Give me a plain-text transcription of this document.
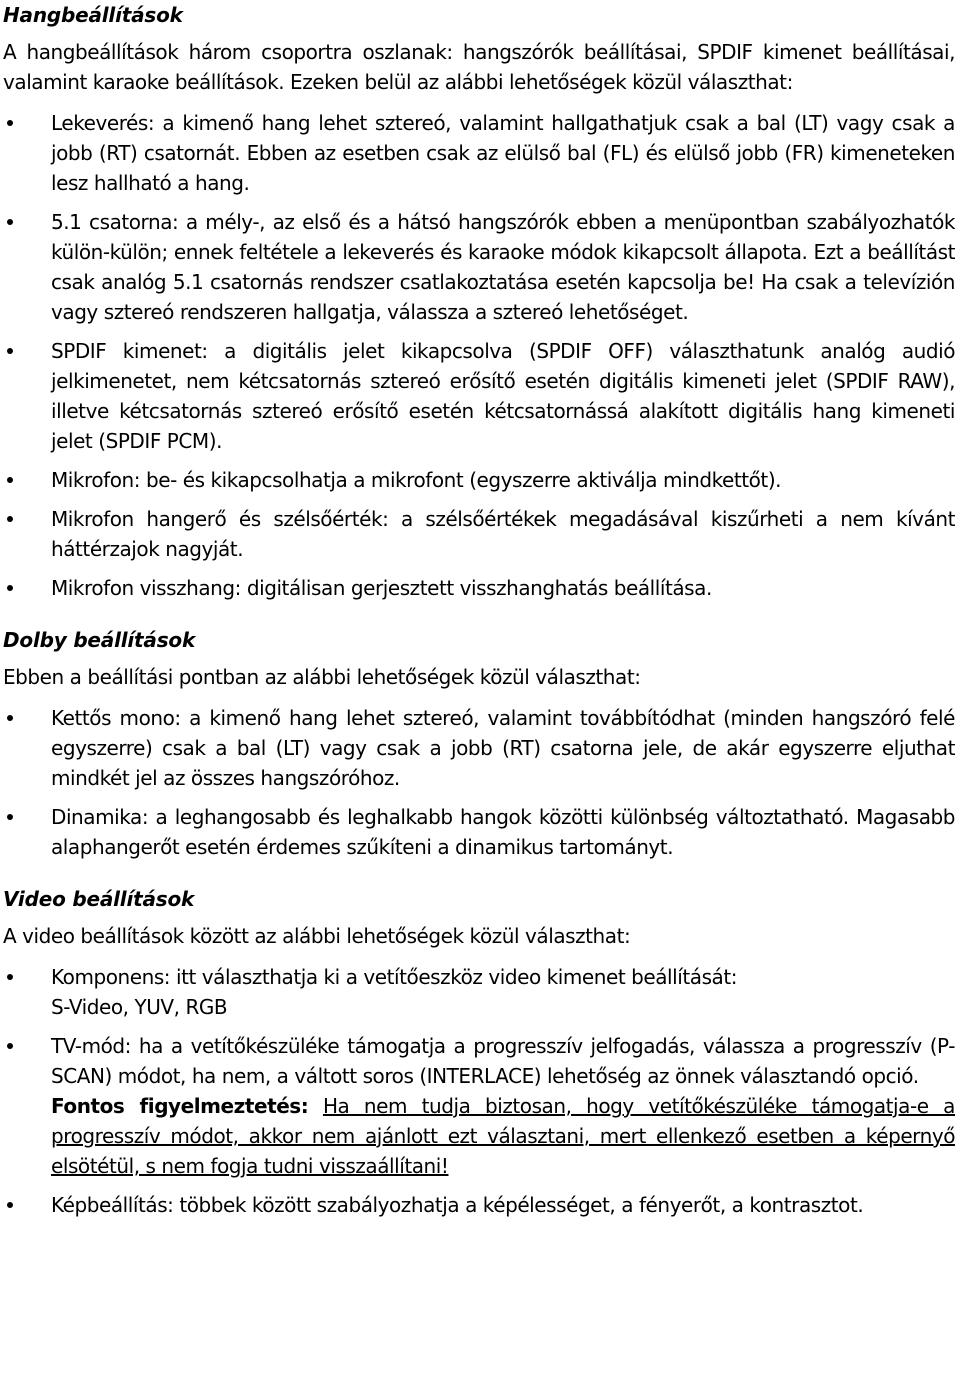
Hangbeállítások

A hangbeállítások három csoportra oszlanak: hangszórók beállításai, SPDIF kimenet beállításai, valamint karaoke beállítások. Ezeken belül az alábbi lehetőségek közül választhat:

Lekeverés: a kimenő hang lehet sztereó, valamint hallgathatjuk csak a bal (LT) vagy csak a jobb (RT) csatornát. Ebben az esetben csak az elülső bal (FL) és elülső jobb (FR) kimeneteken lesz hallható a hang.
5.1 csatorna: a mély-, az első és a hátsó hangszórók ebben a menüpontban szabályozhatók külön-külön; ennek feltétele a lekeverés és karaoke módok kikapcsolt állapota. Ezt a beállítást csak analóg 5.1 csatornás rendszer csatlakoztatása esetén kapcsolja be! Ha csak a televízión vagy sztereó rendszeren hallgatja, válassza a sztereó lehetőséget.
SPDIF kimenet: a digitális jelet kikapcsolva (SPDIF OFF) választhatunk analóg audió jelkimenetet, nem kétcsatornás sztereó erősítő esetén digitális kimeneti jelet (SPDIF RAW), illetve kétcsatornás sztereó erősítő esetén kétcsatornássá alakított digitális hang kimeneti jelet (SPDIF PCM).
Mikrofon: be- és kikapcsolhatja a mikrofont (egyszerre aktiválja mindkettőt).
Mikrofon hangerő és szélsőérték: a szélsőértékek megadásával kiszűrheti a nem kívánt háttérzajok nagyját.
Mikrofon visszhang: digitálisan gerjesztett visszhanghatás beállítása.
Dolby beállítások

Ebben a beállítási pontban az alábbi lehetőségek közül választhat:

Kettős mono: a kimenő hang lehet sztereó, valamint továbbítódhat (minden hangszóró felé egyszerre) csak a bal (LT) vagy csak a jobb (RT) csatorna jele, de akár egyszerre eljuthat mindkét jel az összes hangszóróhoz.
Dinamika: a leghangosabb és leghalkabb hangok közötti különbség változtatható. Magasabb alaphangerőt esetén érdemes szűkíteni a dinamikus tartományt.
Video beállítások

A video beállítások között az alábbi lehetőségek közül választhat:

Komponens: itt választhatja ki a vetítőeszköz video kimenet beállítását:
S-Video, YUV, RGB
TV-mód: ha a vetítőkészüléke támogatja a progresszív jelfogadás, válassza a progresszív (P-SCAN) módot, ha nem, a váltott soros (INTERLACE) lehetőség az önnek választandó opció.
Fontos figyelmeztetés: Ha nem tudja biztosan, hogy vetítőkészüléke támogatja-e a progresszív módot, akkor nem ajánlott ezt választani, mert ellenkező esetben a képernyő elsötétül, s nem fogja tudni visszaállítani!
Képbeállítás: többek között szabályozhatja a képélességet, a fényerőt, a kontrasztot.
